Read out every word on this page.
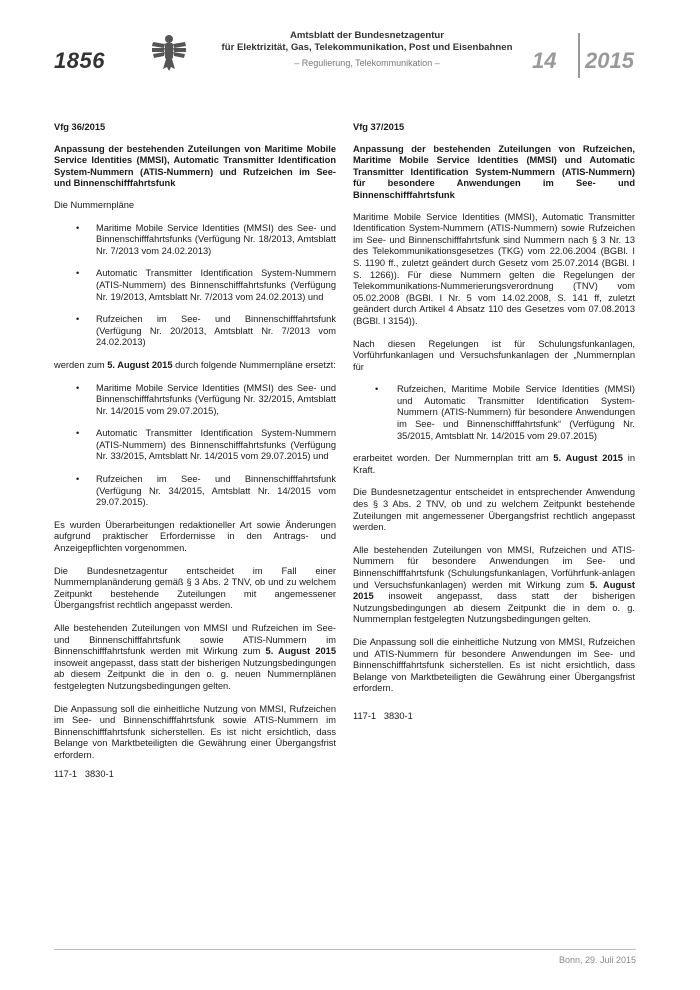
1856
Amtsblatt der Bundesnetzagentur
für Elektrizität, Gas, Telekommunikation, Post und Eisenbahnen
– Regulierung, Telekommunikation –	14 2015
Vfg 36/2015
Anpassung der bestehenden Zuteilungen von Maritime Mobile Service Identities (MMSI), Automatic Transmitter Identification System-Nummern (ATIS-Nummern) und Rufzeichen im See- und Binnenschifffahrtsfunk

Die Nummernpläne

• Maritime Mobile Service Identities (MMSI) des See- und Binnenschifffahrtsfunks (Verfügung Nr. 18/2013, Amtsblatt Nr. 7/2013 vom 24.02.2013)
• Automatic Transmitter Identification System-Nummern (ATIS-Nummern) des Binnenschifffahrtsfunks (Verfügung Nr. 19/2013, Amtsblatt Nr. 7/2013 vom 24.02.2013) und
• Rufzeichen im See- und Binnenschifffahrtsfunk (Verfügung Nr. 20/2013, Amtsblatt Nr. 7/2013 vom 24.02.2013)

werden zum 5. August 2015 durch folgende Nummernpläne ersetzt:

• Maritime Mobile Service Identities (MMSI) des See- und Binnenschifffahrtsfunks (Verfügung Nr. 32/2015, Amtsblatt Nr. 14/2015 vom 29.07.2015),
• Automatic Transmitter Identification System-Nummern (ATIS-Nummern) des Binnenschifffahrtsfunks (Verfügung Nr. 33/2015, Amtsblatt Nr. 14/2015 vom 29.07.2015) und
• Rufzeichen im See- und Binnenschifffahrtsfunk (Verfügung Nr. 34/2015, Amtsblatt Nr. 14/2015 vom 29.07.2015).

Es wurden Überarbeitungen redaktioneller Art sowie Änderungen aufgrund praktischer Erfordernisse in den Antrags- und Anzeigepflichten vorgenommen.

Die Bundesnetzagentur entscheidet im Fall einer Nummernplanänderung gemäß § 3 Abs. 2 TNV, ob und zu welchem Zeitpunkt bestehende Zuteilungen mit angemessener Übergangsfrist rechtlich angepasst werden.

Alle bestehenden Zuteilungen von MMSI und Rufzeichen im See- und Binnenschifffahrtsfunk sowie ATIS-Nummern im Binnenschifffahrtsfunk werden mit Wirkung zum 5. August 2015 insoweit angepasst, dass statt der bisherigen Nutzungsbedingungen ab diesem Zeitpunkt die in den o. g. neuen Nummernplänen festgelegten Nutzungsbedingungen gelten.

Die Anpassung soll die einheitliche Nutzung von MMSI, Rufzeichen im See- und Binnenschifffahrtsfunk sowie ATIS-Nummern im Binnenschifffahrtsfunk sicherstellen. Es ist nicht ersichtlich, dass Belange von Marktbeteiligten die Gewährung einer Übergangsfrist erfordern.

117-1   3830-1
Vfg 37/2015
Anpassung der bestehenden Zuteilungen von Rufzeichen, Maritime Mobile Service Identities (MMSI) und Automatic Transmitter Identification System-Nummern (ATIS-Nummern) für besondere Anwendungen im See- und Binnenschifffahrtsfunk

Maritime Mobile Service Identities (MMSI), Automatic Transmitter Identification System-Nummern (ATIS-Nummern) sowie Rufzeichen im See- und Binnenschifffahrtsfunk sind Nummern nach § 3 Nr. 13 des Telekommunikationsgesetzes (TKG) vom 22.06.2004 (BGBl. I S. 1190 ff., zuletzt geändert durch Gesetz vom 25.07.2014 (BGBl. I S. 1266)). Für diese Nummern gelten die Regelungen der Telekommunikations-Nummerierungsverordnung (TNV) vom 05.02.2008 (BGBl. I Nr. 5 vom 14.02.2008, S. 141 ff, zuletzt geändert durch Artikel 4 Absatz 110 des Gesetzes vom 07.08.2013 (BGBl. I 3154)).

Nach diesen Regelungen ist für Schulungsfunkanlagen, Vorführfunkanlagen und Versuchsfunkanlagen der „Nummernplan für

• Rufzeichen, Maritime Mobile Service Identities (MMSI) und Automatic Transmitter Identification System-Nummern (ATIS-Nummern) für besondere Anwendungen im See- und Binnenschifffahrtsfunk“ (Verfügung Nr. 35/2015, Amtsblatt Nr. 14/2015 vom 29.07.2015)

erarbeitet worden. Der Nummernplan tritt am 5. August 2015 in Kraft.

Die Bundesnetzagentur entscheidet in entsprechender Anwendung des § 3 Abs. 2 TNV, ob und zu welchem Zeitpunkt bestehende Zuteilungen mit angemessener Übergangsfrist rechtlich angepasst werden.

Alle bestehenden Zuteilungen von MMSI, Rufzeichen und ATIS-Nummern für besondere Anwendungen im See- und Binnenschifffahrtsfunk (Schulungsfunkanlagen, Vorführfunk-anlagen und Versuchsfunkanlagen) werden mit Wirkung zum 5. August 2015 insoweit angepasst, dass statt der bisherigen Nutzungsbedingungen ab diesem Zeitpunkt die in dem o. g. Nummernplan festgelegten Nutzungsbedingungen gelten.

Die Anpassung soll die einheitliche Nutzung von MMSI, Rufzeichen und ATIS-Nummern für besondere Anwendungen im See- und Binnenschifffahrtsfunk sicherstellen. Es ist nicht ersichtlich, dass Belange von Marktbeteiligten die Gewährung einer Übergangsfrist erfordern.

117-1   3830-1
Bonn, 29. Juli 2015
